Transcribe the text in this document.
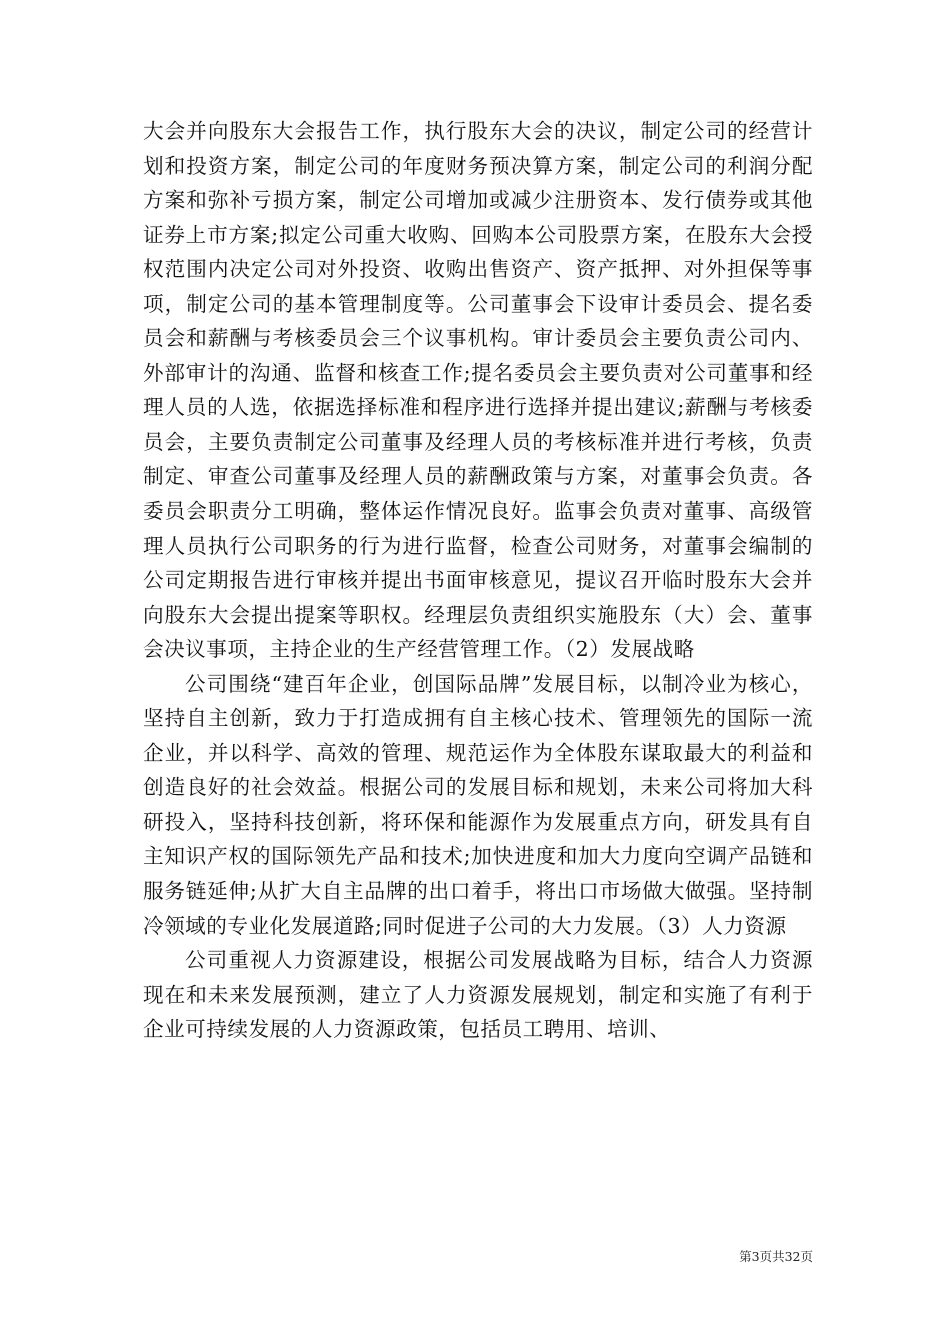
大会并向股东大会报告工作，执行股东大会的决议，制定公司的经营计划和投资方案，制定公司的年度财务预决算方案，制定公司的利润分配方案和弥补亏损方案，制定公司增加或减少注册资本、发行债券或其他证券上市方案;拟定公司重大收购、回购本公司股票方案，在股东大会授权范围内决定公司对外投资、收购出售资产、资产抵押、对外担保等事项，制定公司的基本管理制度等。公司董事会下设审计委员会、提名委员会和薪酬与考核委员会三个议事机构。审计委员会主要负责公司内、外部审计的沟通、监督和核查工作;提名委员会主要负责对公司董事和经理人员的人选，依据选择标准和程序进行选择并提出建议;薪酬与考核委员会，主要负责制定公司董事及经理人员的考核标准并进行考核，负责制定、审查公司董事及经理人员的薪酬政策与方案，对董事会负责。各委员会职责分工明确，整体运作情况良好。监事会负责对董事、高级管理人员执行公司职务的行为进行监督，检查公司财务，对董事会编制的公司定期报告进行审核并提出书面审核意见，提议召开临时股东大会并向股东大会提出提案等职权。经理层负责组织实施股东（大）会、董事会决议事项，主持企业的生产经营管理工作。（2）发展战略

公司围绕“建百年企业，创国际品牌”发展目标，以制冷业为核心，坚持自主创新，致力于打造成拥有自主核心技术、管理领先的国际一流企业，并以科学、高效的管理、规范运作为全体股东谋取最大的利益和创造良好的社会效益。根据公司的发展目标和规划，未来公司将加大科研投入，坚持科技创新，将环保和能源作为发展重点方向，研发具有自主知识产权的国际领先产品和技术;加快进度和加大力度向空调产品链和服务链延伸;从扩大自主品牌的出口着手，将出口市场做大做强。坚持制冷领域的专业化发展道路;同时促进子公司的大力发展。（3）人力资源

公司重视人力资源建设，根据公司发展战略为目标，结合人力资源现在和未来发展预测，建立了人力资源发展规划，制定和实施了有利于企业可持续发展的人力资源政策，包括员工聘用、培训、

第3页共32页
